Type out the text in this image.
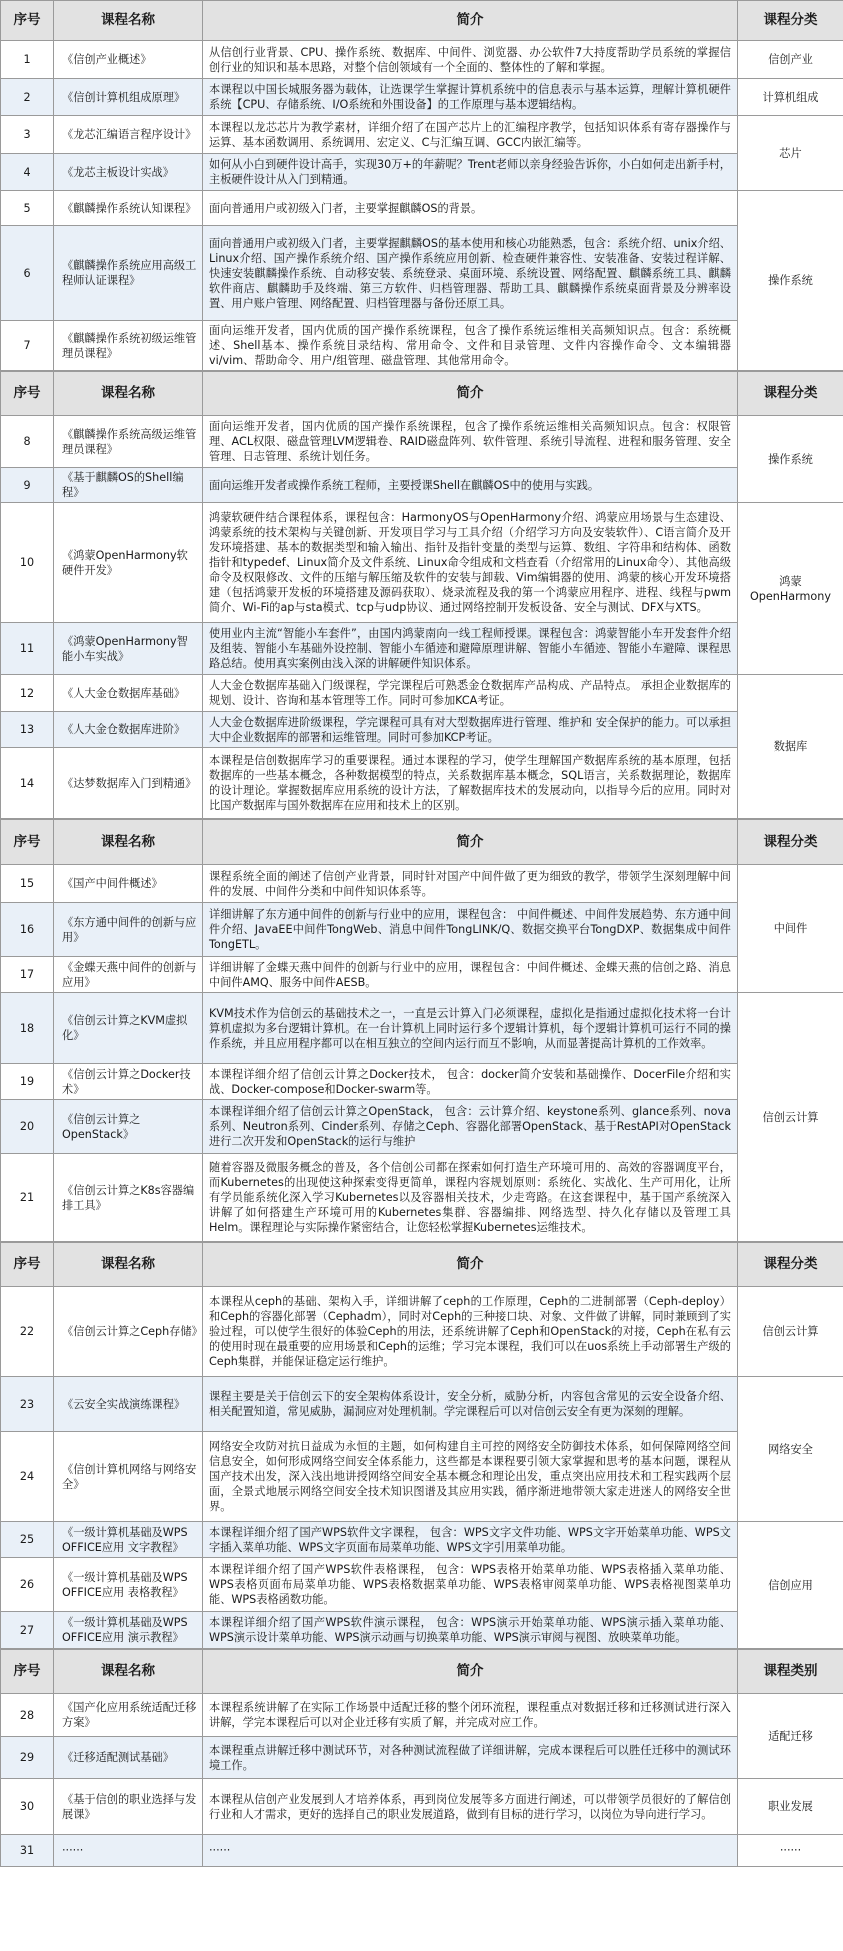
序号	课程名称	简介	课程分类
1	《信创产业概述》	从信创行业背景、CPU、操作系统、数据库、中间件、浏览器、办公软件7大持度帮助学员系统的掌握信创行业的知识和基本思路，对整个信创领域有一个全面的、整体性的了解和掌握。	信创产业
2	《信创计算机组成原理》	本课程以中国长城服务器为载体，让选课学生掌握计算机系统中的信息表示与基本运算，理解计算机硬件系统【CPU、存储系统、I/O系统和外围设备】的工作原理与基本逻辑结构。	计算机组成
3	《龙芯汇编语言程序设计》	本课程以龙芯芯片为教学素材，详细介绍了在国产芯片上的汇编程序教学，包括知识体系有寄存器操作与运算、基本函数调用、系统调用、宏定义、C与汇编互调、GCC内嵌汇编等。	芯片
4	《龙芯主板设计实战》	如何从小白到硬件设计高手，实现30万+的年薪呢？Trent老师以亲身经验告诉你，小白如何走出新手村，主板硬件设计从入门到精通。	
5	《麒麟操作系统认知课程》	面向普通用户或初级入门者，主要掌握麒麟OS的背景。	操作系统
6	《麒麟操作系统应用高级工程师认证课程》	面向普通用户或初级入门者，主要掌握麒麟OS的基本使用和核心功能熟悉，包含：系统介绍、unix介绍、Linux介绍、国产操作系统介绍、国产操作系统应用创新、检查硬件兼容性、安装准备、安装过程详解、快速安装麒麟操作系统、自动移安装、系统登录、桌面环境、系统设置、网络配置、麒麟系统工具、麒麟软件商店、麒麟助手及终端、第三方软件、归档管理器、帮助工具、麒麟操作系统桌面背景及分辨率设置、用户账户管理、网络配置、归档管理器与备份还原工具。	
7	《麒麟操作系统初级运维管理员课程》	面向运维开发者，国内优质的国产操作系统课程，包含了操作系统运维相关高频知识点。包含：系统概述、Shell基本、操作系统目录结构、常用命令、文件和目录管理、文件内容操作命令、文本编辑器 vi/vim、帮助命令、用户/组管理、磁盘管理、其他常用命令。	
序号	课程名称	简介	课程分类
8	《麒麟操作系统高级运维管理员课程》	面向运维开发者，国内优质的国产操作系统课程，包含了操作系统运维相关高频知识点。包含：权限管理、ACL权限、磁盘管理LVM逻辑卷、RAID磁盘阵列、软件管理、系统引导流程、进程和服务管理、安全管理、日志管理、系统计划任务。	操作系统
9	《基于麒麟OS的Shell编程》	面向运维开发者或操作系统工程师，主要授课Shell在麒麟OS中的使用与实践。	
10	《鸿蒙OpenHarmony软硬件开发》	鸿蒙软硬件结合课程体系，课程包含：HarmonyOS与OpenHarmony介绍、鸿蒙应用场景与生态建设、鸿蒙系统的技术架构与关键创新、开发项目学习与工具介绍（介绍学习方向及安装软件）、C语言简介及开发环境搭建、基本的数据类型和输入输出、指针及指针变量的类型与运算、数组、字符串和结构体、函数指针和typedef、Linux简介及文件系统、Linux命令组成和文档查看（介绍常用的Linux命令）、其他高级命令及权限修改、文件的压缩与解压缩及软件的安装与卸载、Vim编辑器的使用、鸿蒙的核心开发环境搭建（包括鸿蒙开发板的环境搭建及源码获取）、烧录流程及我的第一个鸿蒙应用程序、进程、线程与pwm简介、Wi-Fi的ap与sta模式、tcp与udp协议、通过网络控制开发板设备、安全与测试、DFX与XTS。	鸿蒙OpenHarmony
11	《鸿蒙OpenHarmony智能小车实战》	使用业内主流“智能小车套件”，由国内鸿蒙南向一线工程师授课。课程包含：鸿蒙智能小车开发套件介绍及组装、智能小车基础外设控制、智能小车循迹和避障原理讲解、智能小车循迹、智能小车避障、课程思路总结。使用真实案例由浅入深的讲解硬件知识体系。	
12	《人大金仓数据库基础》	人大金仓数据库基础入门级课程，学完课程后可熟悉金仓数据库产品构成、产品特点。 承担企业数据库的规划、设计、咨询和基本管理等工作。同时可参加KCA考证。	数据库
13	《人大金仓数据库进阶》	人大金仓数据库进阶级课程，学完课程可具有对大型数据库进行管理、维护和 安全保护的能力。可以承担大中企业数据库的部署和运维管理。同时可参加KCP考证。	
14	《达梦数据库入门到精通》	本课程是信创数据库学习的重要课程。通过本课程的学习，使学生理解国产数据库系统的基本原理，包括数据库的一些基本概念，各种数据模型的特点，关系数据库基本概念，SQL语言，关系数据理论，数据库的设计理论。掌握数据库应用系统的设计方法，了解数据库技术的发展动向，以指导今后的应用。同时对比国产数据库与国外数据库在应用和技术上的区别。	
序号	课程名称	简介	课程分类
15	《国产中间件概述》	课程系统全面的阐述了信创产业背景，同时针对国产中间件做了更为细致的教学，带领学生深刻理解中间件的发展、中间件分类和中间件知识体系等。	中间件
16	《东方通中间件的创新与应用》	详细讲解了东方通中间件的创新与行业中的应用，课程包含： 中间件概述、中间件发展趋势、东方通中间件介绍、JavaEE中间件TongWeb、消息中间件TongLINK/Q、数据交换平台TongDXP、数据集成中间件TongETL。	
17	《金蝶天燕中间件的创新与应用》	详细讲解了金蝶天燕中间件的创新与行业中的应用，课程包含：中间件概述、金蝶天燕的信创之路、消息中间件AMQ、服务中间件AESB。	
18	《信创云计算之KVM虚拟化》	KVM技术作为信创云的基础技术之一，一直是云计算入门必须课程，虚拟化是指通过虚拟化技术将一台计算机虚拟为多台逻辑计算机。在一台计算机上同时运行多个逻辑计算机，每个逻辑计算机可运行不同的操作系统，并且应用程序都可以在相互独立的空间内运行而互不影响，从而显著提高计算机的工作效率。	信创云计算
19	《信创云计算之Docker技术》	本课程详细介绍了信创云计算之Docker技术， 包含：docker简介安装和基础操作、DocerFile介绍和实战、Docker-compose和Docker-swarm等。	
20	《信创云计算之OpenStack》	本课程详细介绍了信创云计算之OpenStack， 包含：云计算介绍、keystone系列、glance系列、nova系列、Neutron系列、Cinder系列、存储之Ceph、容器化部署OpenStack、基于RestAPI对OpenStack进行二次开发和OpenStack的运行与维护	
21	《信创云计算之K8s容器编排工具》	随着容器及微服务概念的普及，各个信创公司都在探索如何打造生产环境可用的、高效的容器调度平台，而Kubernetes的出现使这种探索变得更简单，课程内容规划原则：系统化、实战化、生产可用化，让所有学员能系统化深入学习Kubernetes以及容器相关技术，少走弯路。在这套课程中，基于国产系统深入讲解了如何搭建生产环境可用的Kubernetes集群、容器编排、网络选型、持久化存储以及管理工具Helm。课程理论与实际操作紧密结合，让您轻松掌握Kubernetes运维技术。	
序号	课程名称	简介	课程分类
22	《信创云计算之Ceph存储》	本课程从ceph的基础、架构入手，详细讲解了ceph的工作原理，Ceph的二进制部署（Ceph-deploy）和Ceph的容器化部署（Cephadm），同时对Ceph的三种接口块、对象、文件做了讲解，同时兼顾到了实验过程，可以使学生很好的体验Ceph的用法，还系统讲解了Ceph和OpenStack的对接，Ceph在私有云的使用时现在最重要的应用场景和Ceph的运维；学习完本课程，我们可以在uos系统上手动部署生产级的Ceph集群，并能保证稳定运行维护。	信创云计算
23	《云安全实战演练课程》	课程主要是关于信创云下的安全架构体系设计，安全分析，威胁分析，内容包含常见的云安全设备介绍、相关配置知道，常见威胁，漏洞应对处理机制。学完课程后可以对信创云安全有更为深刻的理解。	网络安全
24	《信创计算机网络与网络安全》	网络安全攻防对抗日益成为永恒的主题，如何构建自主可控的网络安全防御技术体系，如何保障网络空间信息安全，如何形成网络空间安全体系能力，这些都是本课程要引领大家掌握和思考的基本问题，课程从国产技术出发，深入浅出地讲授网络空间安全基本概念和理论出发，重点突出应用技术和工程实践两个层面，全景式地展示网络空间安全技术知识图谱及其应用实践，循序渐进地带领大家走进迷人的网络安全世界。	
25	《一级计算机基础及WPS OFFICE应用 文字教程》	本课程详细介绍了国产WPS软件文字课程， 包含：WPS文字文件功能、WPS文字开始菜单功能、WPS文字插入菜单功能、WPS文字页面布局菜单功能、WPS文字引用菜单功能。	信创应用
26	《一级计算机基础及WPS OFFICE应用 表格教程》	本课程详细介绍了国产WPS软件表格课程， 包含：WPS表格开始菜单功能、WPS表格插入菜单功能、WPS表格页面布局菜单功能、WPS表格数据菜单功能、WPS表格审阅菜单功能、WPS表格视图菜单功能、WPS表格函数功能。	
27	《一级计算机基础及WPS OFFICE应用 演示教程》	本课程详细介绍了国产WPS软件演示课程， 包含：WPS演示开始菜单功能、WPS演示插入菜单功能、WPS演示设计菜单功能、WPS演示动画与切换菜单功能、WPS演示审阅与视图、放映菜单功能。	
序号	课程名称	简介	课程类别
28	《国产化应用系统适配迁移方案》	本课程系统讲解了在实际工作场景中适配迁移的整个闭环流程，课程重点对数据迁移和迁移测试进行深入讲解，学完本课程后可以对企业迁移有实质了解，并完成对应工作。	适配迁移
29	《迁移适配测试基础》	本课程重点讲解迁移中测试环节，对各种测试流程做了详细讲解，完成本课程后可以胜任迁移中的测试环境工作。	
30	《基于信创的职业选择与发展课》	本课程从信创产业发展到人才培养体系，再到岗位发展等多方面进行阐述，可以带领学员很好的了解信创行业和人才需求，更好的选择自己的职业发展道路，做到有目标的进行学习，以岗位为导向进行学习。	职业发展
31	······	······	······
